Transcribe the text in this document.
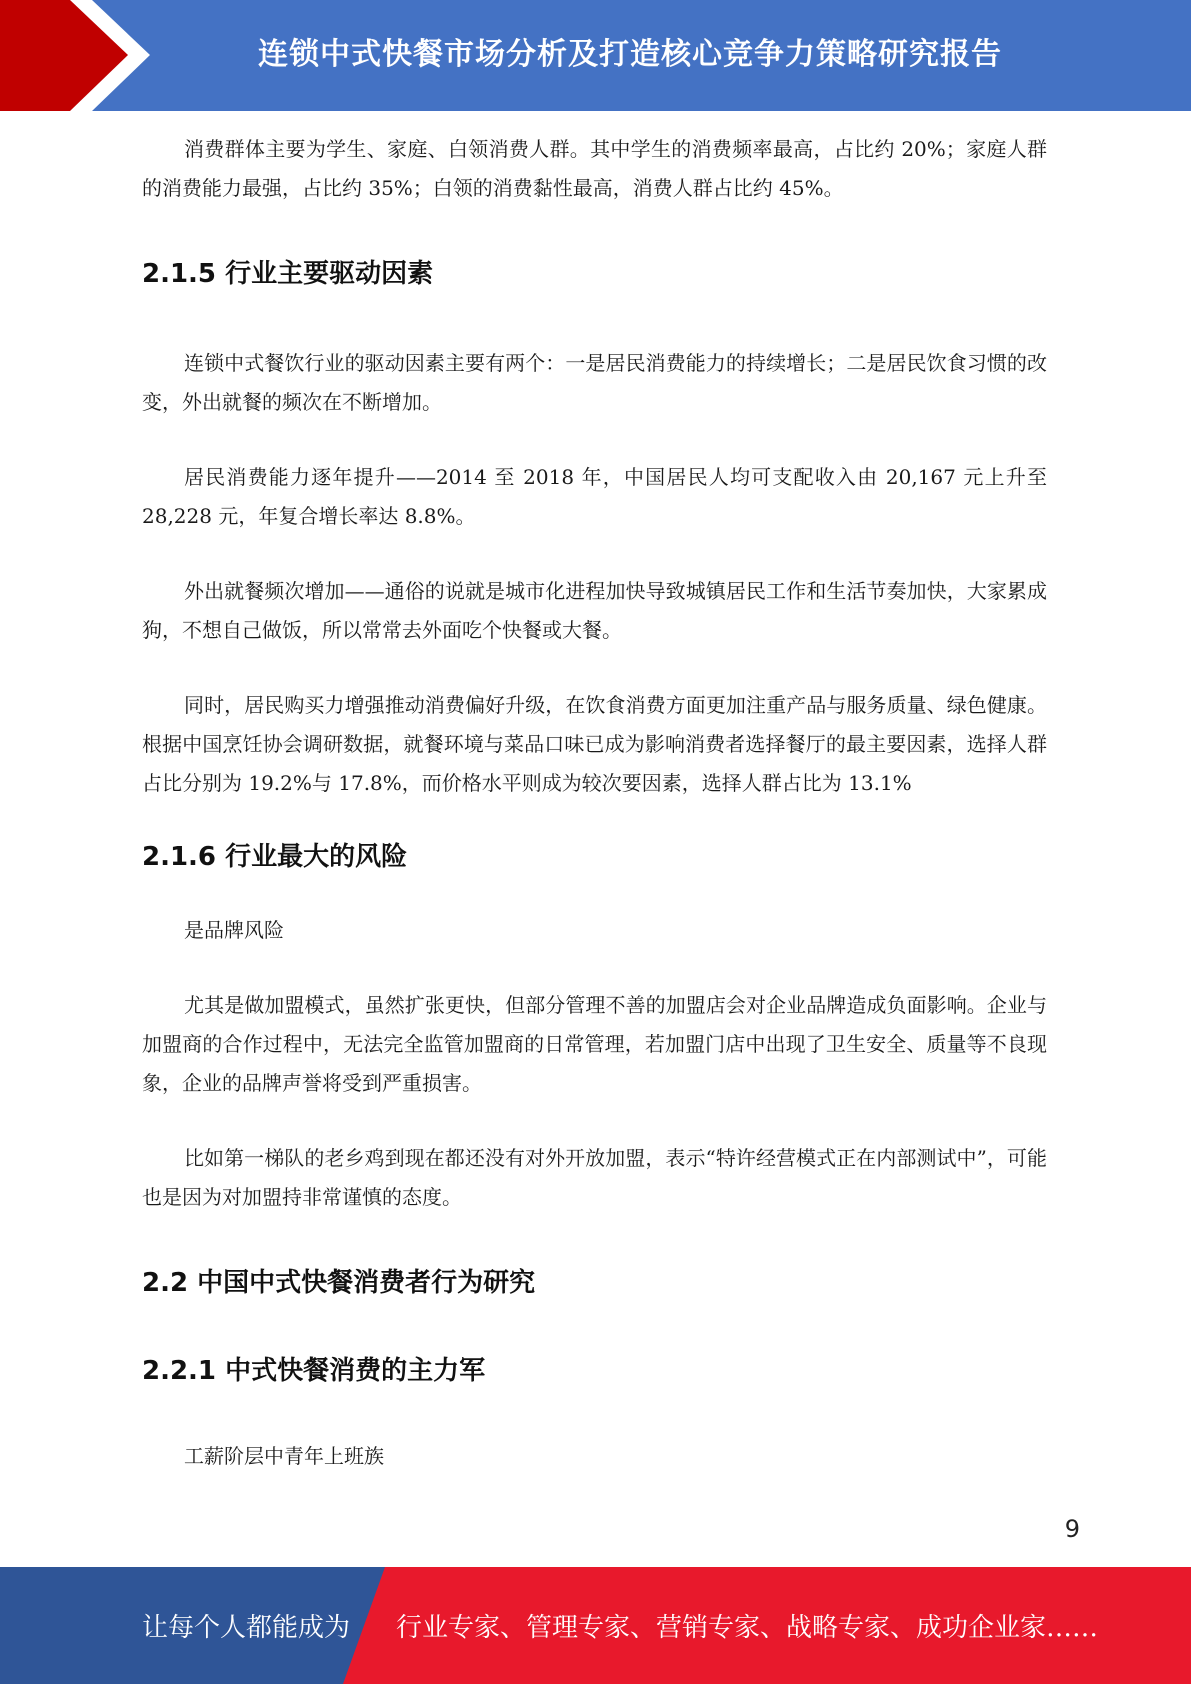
连锁中式快餐市场分析及打造核心竞争力策略研究报告

消费群体主要为学生、家庭、白领消费人群。其中学生的消费频率最高，占比约 20%；家庭人群的消费能力最强，占比约 35%；白领的消费黏性最高，消费人群占比约 45%。

2.1.5 行业主要驱动因素

连锁中式餐饮行业的驱动因素主要有两个：一是居民消费能力的持续增长；二是居民饮食习惯的改变，外出就餐的频次在不断增加。

居民消费能力逐年提升——2014 至 2018 年，中国居民人均可支配收入由 20,167 元上升至 28,228 元，年复合增长率达 8.8%。

外出就餐频次增加——通俗的说就是城市化进程加快导致城镇居民工作和生活节奏加快，大家累成狗，不想自己做饭，所以常常去外面吃个快餐或大餐。

同时，居民购买力增强推动消费偏好升级，在饮食消费方面更加注重产品与服务质量、绿色健康。根据中国烹饪协会调研数据，就餐环境与菜品口味已成为影响消费者选择餐厅的最主要因素，选择人群占比分别为 19.2%与 17.8%，而价格水平则成为较次要因素，选择人群占比为 13.1%

2.1.6 行业最大的风险

是品牌风险

尤其是做加盟模式，虽然扩张更快，但部分管理不善的加盟店会对企业品牌造成负面影响。企业与加盟商的合作过程中，无法完全监管加盟商的日常管理，若加盟门店中出现了卫生安全、质量等不良现象，企业的品牌声誉将受到严重损害。

比如第一梯队的老乡鸡到现在都还没有对外开放加盟，表示“特许经营模式正在内部测试中”，可能也是因为对加盟持非常谨慎的态度。

2.2 中国中式快餐消费者行为研究
2.2.1 中式快餐消费的主力军

工薪阶层中青年上班族

9
让每个人都能成为 行业专家、管理专家、营销专家、战略专家、成功企业家……
